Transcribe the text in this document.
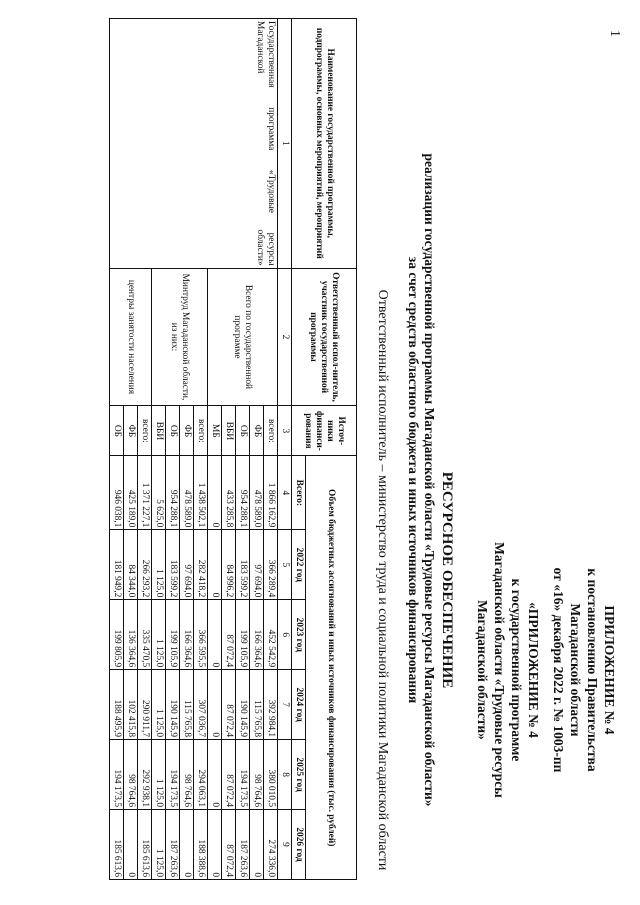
1
ПРИЛОЖЕНИЕ № 4
к постановлению Правительства
Магаданской области
от «16» декабря 2022 г. № 1003-пп
«ПРИЛОЖЕНИЕ № 4
к государственной программе
Магаданской области «Трудовые ресурсы
Магаданской области»
РЕСУРСНОЕ ОБЕСПЕЧЕНИЕ
реализации государственной программы Магаданской области «Трудовые ресурсы Магаданской области»
за счет средств областного бюджета и иных источников финансирования
Ответственный исполнитель – министерство труда и социальной политики Магаданской области
Наименование государственной программы, подпрограммы, основных мероприятий, мероприятий	Ответственный испол-нитель, участник государственной программы	Источ-ники финанси-рования	Объем бюджетных ассигнований и иных источников финансирования (тыс. рублей)					
			Всего:	2022 год	2023 год	2024 год	2025 год	2026 год
1	2	3	4	5	6	7	8	9
Государственная программа «Трудовые ресурсы Магаданской области»	Всего по государственной программе	всего:	1 866 162,9	366 289,4	452 542,9	392 984,1	380 010,5	274 336,0
		ФБ	478 589,0	97 694,0	166 364,6	115 765,8	98 764,6	0
		ОБ	954 288,1	183 599,2	199 105,9	190 145,9	194 173,5	187 263,6
		ВБИ	433 285,8	84 996,2	87 072,4	87 072,4	87 072,4	87 072,4
		МБ	0	0	0	0	0	0
	Минтруд Магаданской области, из них:	всего:	1 438 502,1	282 418,2	366 595,5	307 036,7	294 063,1	188 388,6
		ФБ	478 589,0	97 694,0	166 364,6	115 765,8	98 764,6	0
		ОБ	954 288,1	183 599,2	199 105,9	190 145,9	194 173,5	187 263,6
		ВБИ	5 625,0	1 125,0	1 125,0	1 125,0	1 125,0	1 125,0
	центры занятости населения	всего:	1 371 227,1	266 293,2	335 470,5	290 911,7	292 938,1	185 613,6
		ФБ	425 189,0	84 344,0	136 364,6	102 415,8	98 764,6	0
		ОБ	946 038,1	181 949,2	199 805,9	188 495,9	194 173,5	185 613,6
